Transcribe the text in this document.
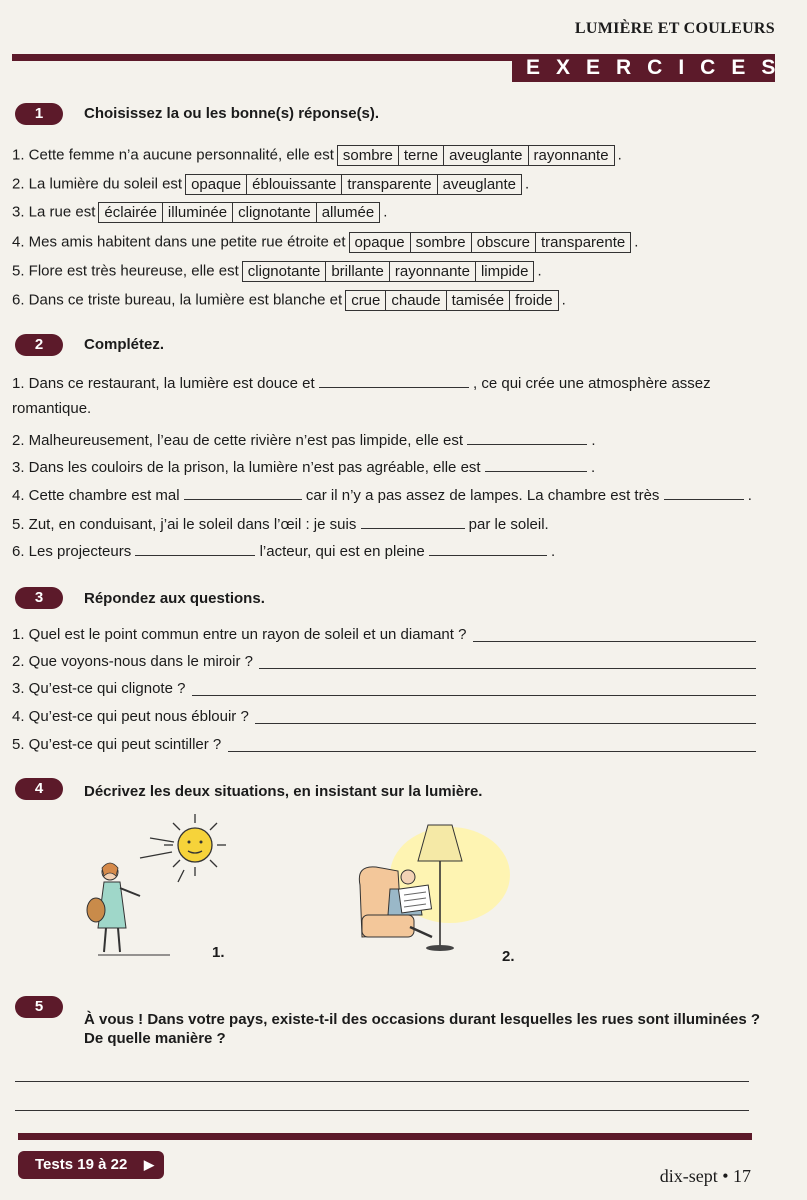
LUMIÈRE ET COULEURS
EXERCICES
1	Choisissez la ou les bonne(s) réponse(s).
1. Cette femme n’a aucune personnalité, elle est sombre terne aveuglante rayonnante .
2. La lumière du soleil est opaque éblouissante transparente aveuglante .
3. La rue est éclairée illuminée clignotante allumée .
4. Mes amis habitent dans une petite rue étroite et opaque sombre obscure transparente .
5. Flore est très heureuse, elle est clignotante brillante rayonnante limpide .
6. Dans ce triste bureau, la lumière est blanche et crue chaude tamisée froide .
2	Complétez.
1. Dans ce restaurant, la lumière est douce et	, ce qui crée une atmosphère assez
romantique.
2. Malheureusement, l’eau de cette rivière n’est pas limpide, elle est	.
3. Dans les couloirs de la prison, la lumière n’est pas agréable, elle est	.
4. Cette chambre est mal	car il n’y a pas assez de lampes. La chambre est très	.
5. Zut, en conduisant, j’ai le soleil dans l’œil : je suis	par le soleil.
6. Les projecteurs	l’acteur, qui est en pleine	.
3	Répondez aux questions.
1. Quel est le point commun entre un rayon de soleil et un diamant ?
2. Que voyons-nous dans le miroir ?
3. Qu’est-ce qui clignote ?
4. Qu’est-ce qui peut nous éblouir ?
5. Qu’est-ce qui peut scintiller ?
4	Décrivez les deux situations, en insistant sur la lumière.
1.	2.
5
À vous ! Dans votre pays, existe-t-il des occasions durant lesquelles les rues sont illuminées ?
De quelle manière ?
Tests 19 à 22 ▶
dix-sept • 17
